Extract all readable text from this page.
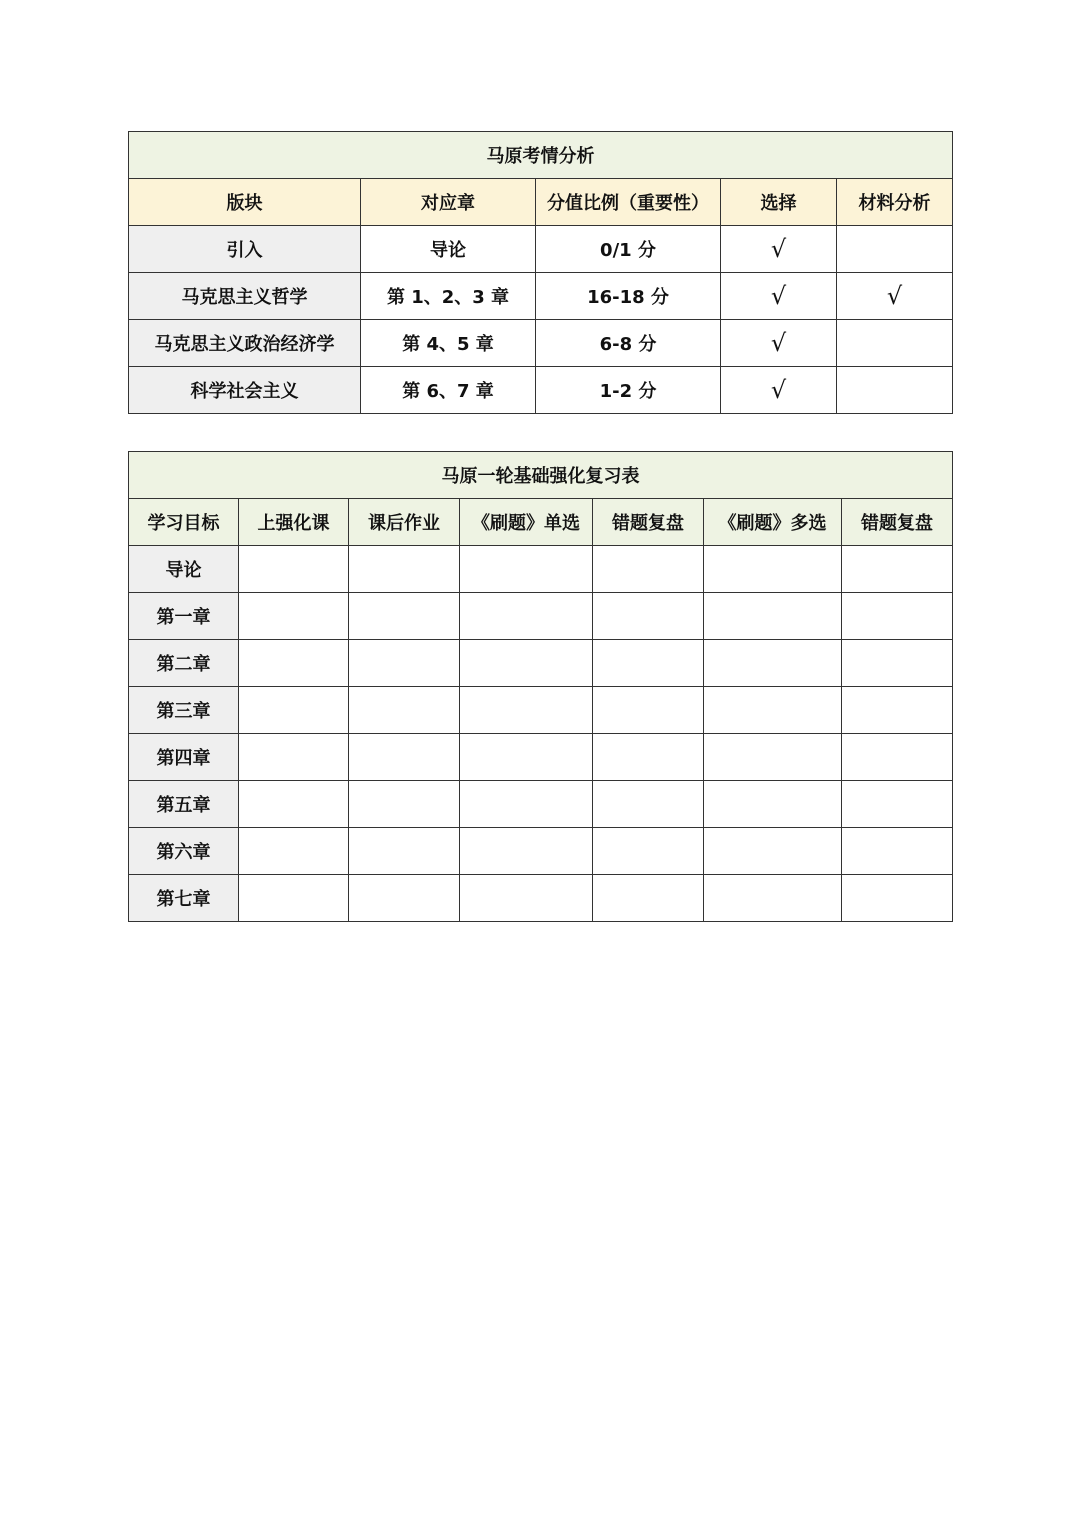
马原考情分析				
版块	对应章	分值比例（重要性）	选择	材料分析
引入	导论	0/1 分	√	
马克思主义哲学	第 1、2、3 章	16-18 分	√	√
马克思主义政治经济学	第 4、5 章	6-8 分	√	
科学社会主义	第 6、7 章	1-2 分	√	
马原一轮基础强化复习表						
学习目标	上强化课	课后作业	《刷题》单选	错题复盘	《刷题》多选	错题复盘
导论						
第一章						
第二章						
第三章						
第四章						
第五章						
第六章						
第七章						
